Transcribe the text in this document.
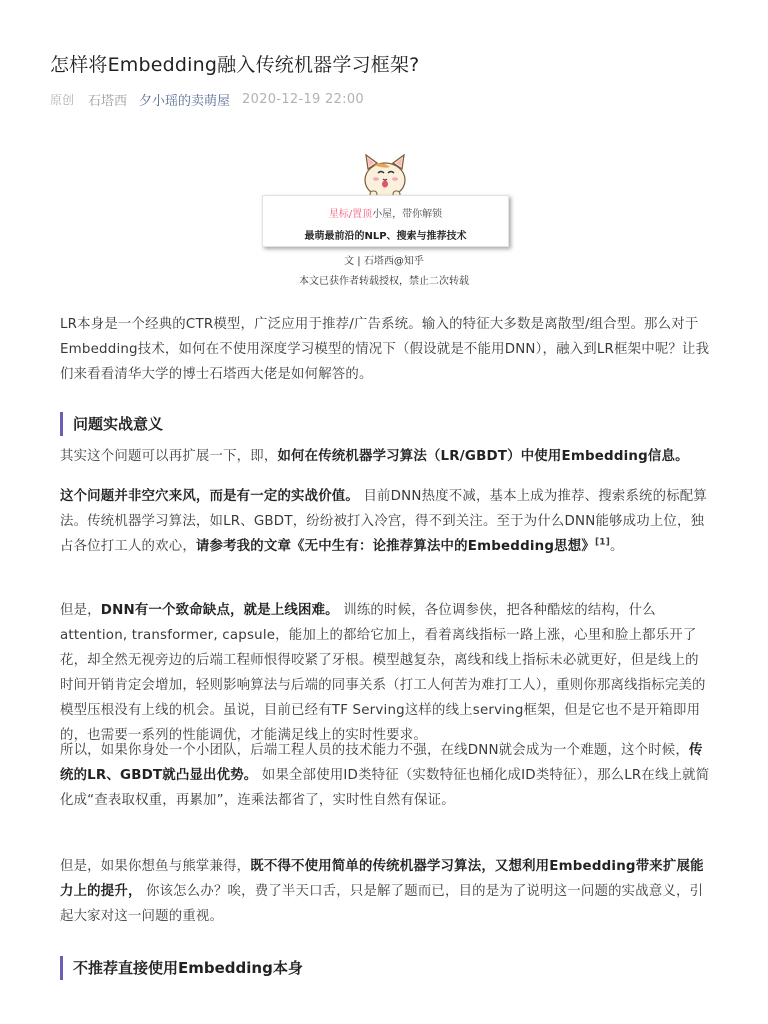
怎样将Embedding融入传统机器学习框架?
原创 石塔西 夕小瑶的卖萌屋 2020-12-19 22:00
星标/置顶小屋，带你解锁
最萌最前沿的NLP、搜索与推荐技术
文 | 石塔西@知乎
本文已获作者转载授权，禁止二次转载

LR本身是一个经典的CTR模型，广泛应用于推荐/广告系统。输入的特征大多数是离散型/组合型。那么对于Embedding技术，如何在不使用深度学习模型的情况下（假设就是不能用DNN），融入到LR框架中呢？让我们来看看清华大学的博士石塔西大佬是如何解答的。

问题实战意义

其实这个问题可以再扩展一下，即，如何在传统机器学习算法（LR/GBDT）中使用Embedding信息。

这个问题并非空穴来风，而是有一定的实战价值。 目前DNN热度不减，基本上成为推荐、搜索系统的标配算法。传统机器学习算法，如LR、GBDT，纷纷被打入冷宫，得不到关注。至于为什么DNN能够成功上位，独占各位打工人的欢心，请参考我的文章《无中生有：论推荐算法中的Embedding思想》[1]。

但是，DNN有一个致命缺点，就是上线困难。 训练的时候，各位调参侠，把各种酷炫的结构，什么attention, transformer, capsule，能加上的都给它加上，看着离线指标一路上涨，心里和脸上都乐开了花，却全然无视旁边的后端工程师恨得咬紧了牙根。模型越复杂，离线和线上指标未必就更好，但是线上的时间开销肯定会增加，轻则影响算法与后端的同事关系（打工人何苦为难打工人），重则你那离线指标完美的模型压根没有上线的机会。虽说，目前已经有TF Serving这样的线上serving框架，但是它也不是开箱即用的，也需要一系列的性能调优，才能满足线上的实时性要求。

所以，如果你身处一个小团队，后端工程人员的技术能力不强，在线DNN就会成为一个难题，这个时候，传统的LR、GBDT就凸显出优势。 如果全部使用ID类特征（实数特征也桶化成ID类特征），那么LR在线上就简化成“查表取权重，再累加”，连乘法都省了，实时性自然有保证。

但是，如果你想鱼与熊掌兼得，既不得不使用简单的传统机器学习算法，又想利用Embedding带来扩展能力上的提升， 你该怎么办？唉，费了半天口舌，只是解了题而已，目的是为了说明这一问题的实战意义，引起大家对这一问题的重视。

不推荐直接使用Embedding本身
